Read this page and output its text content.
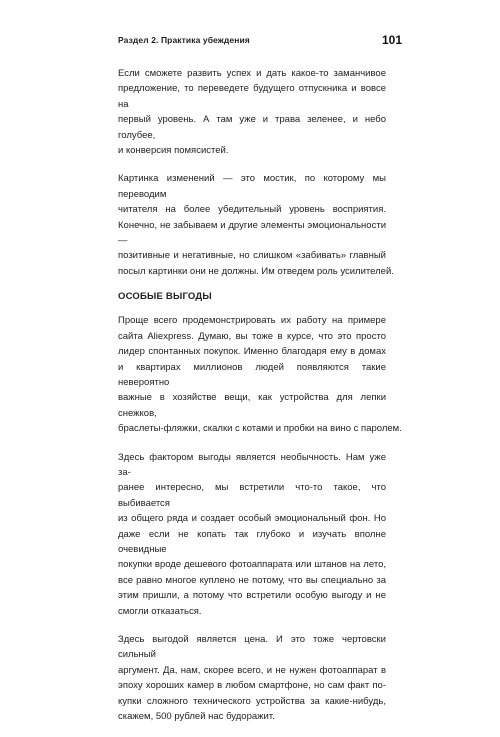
Раздел 2. Практика убеждения	101

Если сможете развить успех и дать какое-то заманчивое
предложение, то переведете будущего отпускника и вовсе на
первый уровень. А там уже и трава зеленее, и небо голубее,
и конверсия помясистей.

Картинка изменений — это мостик, по которому мы переводим
читателя на более убедительный уровень восприятия.
Конечно, не забываем и другие элементы эмоциональности —
позитивные и негативные, но слишком «забивать» главный
посыл картинки они не должны. Им отведем роль усилителей.

ОСОБЫЕ ВЫГОДЫ

Проще всего продемонстрировать их работу на примере
сайта Aliexpress. Думаю, вы тоже в курсе, что это просто
лидер спонтанных покупок. Именно благодаря ему в домах
и квартирах миллионов людей появляются такие невероятно
важные в хозяйстве вещи, как устройства для лепки снежков,
браслеты-фляжки, скалки с котами и пробки на вино с паролем.

Здесь фактором выгоды является необычность. Нам уже за-
ранее интересно, мы встретили что-то такое, что выбивается
из общего ряда и создает особый эмоциональный фон. Но
даже если не копать так глубоко и изучать вполне очевидные
покупки вроде дешевого фотоаппарата или штанов на лето,
все равно многое куплено не потому, что вы специально за
этим пришли, а потому что встретили особую выгоду и не
смогли отказаться.

Здесь выгодой является цена. И это тоже чертовски сильный
аргумент. Да, нам, скорее всего, и не нужен фотоаппарат в
эпоху хороших камер в любом смартфоне, но сам факт по-
купки сложного технического устройства за какие-нибудь,
скажем, 500 рублей нас будоражит.
